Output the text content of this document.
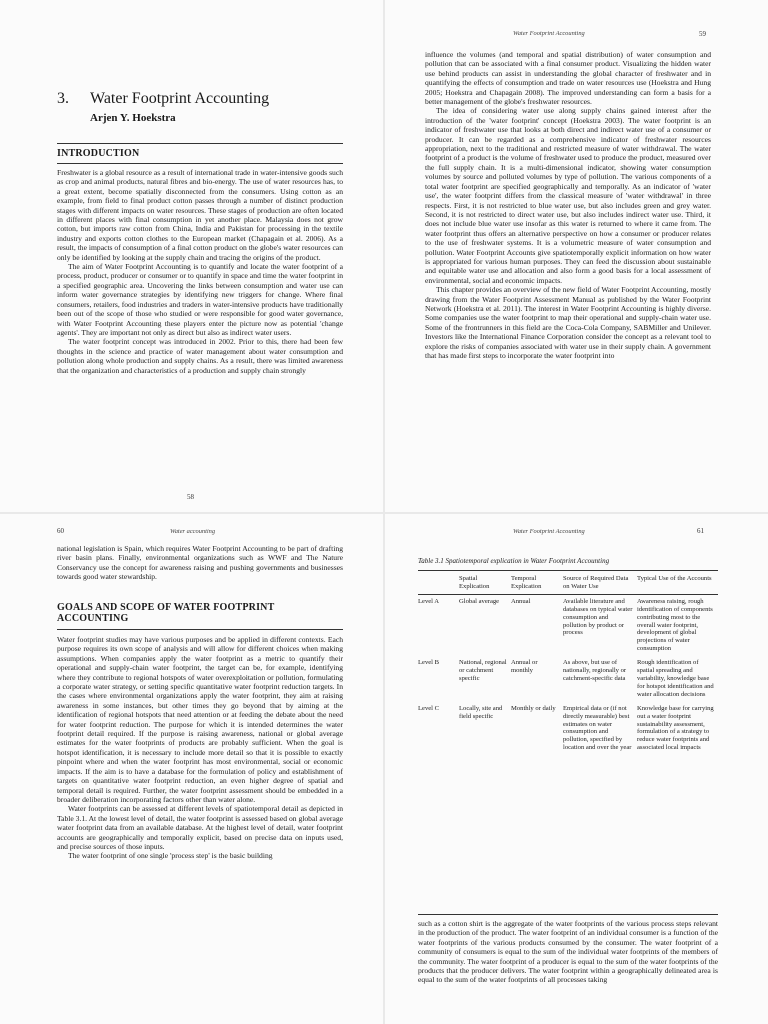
3. Water Footprint Accounting
Arjen Y. Hoekstra
INTRODUCTION

Freshwater is a global resource as a result of international trade in water-intensive goods such as crop and animal products, natural fibres and bio-energy. The use of water resources has, to a great extent, become spatially disconnected from the consumers. Using cotton as an example, from field to final product cotton passes through a number of distinct production stages with different impacts on water resources. These stages of production are often located in different places with final consumption in yet another place. Malaysia does not grow cotton, but imports raw cotton from China, India and Pakistan for processing in the textile industry and exports cotton clothes to the European market (Chapagain et al. 2006). As a result, the impacts of consumption of a final cotton product on the globe's water resources can only be identified by looking at the supply chain and tracing the origins of the product.

The aim of Water Footprint Accounting is to quantify and locate the water footprint of a process, product, producer or consumer or to quantify in space and time the water footprint in a specified geographic area. Uncovering the links between consumption and water use can inform water governance strategies by identifying new triggers for change. Where final consumers, retailers, food industries and traders in water-intensive products have traditionally been out of the scope of those who studied or were responsible for good water governance, with Water Footprint Accounting these players enter the picture now as potential 'change agents'. They are important not only as direct but also as indirect water users.

The water footprint concept was introduced in 2002. Prior to this, there had been few thoughts in the science and practice of water management about water consumption and pollution along whole production and supply chains. As a result, there was limited awareness that the organization and characteristics of a production and supply chain strongly

58
Water Footprint Accounting	59

influence the volumes (and temporal and spatial distribution) of water consumption and pollution that can be associated with a final consumer product. Visualizing the hidden water use behind products can assist in understanding the global character of freshwater and in quantifying the effects of consumption and trade on water resources use (Hoekstra and Hung 2005; Hoekstra and Chapagain 2008). The improved understanding can form a basis for a better management of the globe's freshwater resources.

The idea of considering water use along supply chains gained interest after the introduction of the 'water footprint' concept (Hoekstra 2003). The water footprint is an indicator of freshwater use that looks at both direct and indirect water use of a consumer or producer. It can be regarded as a comprehensive indicator of freshwater resources appropriation, next to the traditional and restricted measure of water withdrawal. The water footprint of a product is the volume of freshwater used to produce the product, measured over the full supply chain. It is a multi-dimensional indicator, showing water consumption volumes by source and polluted volumes by type of pollution. The various components of a total water footprint are specified geographically and temporally. As an indicator of 'water use', the water footprint differs from the classical measure of 'water withdrawal' in three respects. First, it is not restricted to blue water use, but also includes green and grey water. Second, it is not restricted to direct water use, but also includes indirect water use. Third, it does not include blue water use insofar as this water is returned to where it came from. The water footprint thus offers an alternative perspective on how a consumer or producer relates to the use of freshwater systems. It is a volumetric measure of water consumption and pollution. Water Footprint Accounts give spatiotemporally explicit information on how water is appropriated for various human purposes. They can feed the discussion about sustainable and equitable water use and allocation and also form a good basis for a local assessment of environmental, social and economic impacts.

This chapter provides an overview of the new field of Water Footprint Accounting, mostly drawing from the Water Footprint Assessment Manual as published by the Water Footprint Network (Hoekstra et al. 2011). The interest in Water Footprint Accounting is highly diverse. Some companies use the water footprint to map their operational and supply-chain water use. Some of the frontrunners in this field are the Coca-Cola Company, SABMiller and Unilever. Investors like the International Finance Corporation consider the concept as a relevant tool to explore the risks of companies associated with water use in their supply chain. A government that has made first steps to incorporate the water footprint into

60	Water accounting

national legislation is Spain, which requires Water Footprint Accounting to be part of drafting river basin plans. Finally, environmental organizations such as WWF and The Nature Conservancy use the concept for awareness raising and pushing governments and businesses towards good water stewardship.

GOALS AND SCOPE OF WATER FOOTPRINT ACCOUNTING

Water footprint studies may have various purposes and be applied in different contexts. Each purpose requires its own scope of analysis and will allow for different choices when making assumptions. When companies apply the water footprint as a metric to quantify their operational and supply-chain water footprint, the target can be, for example, identifying where they contribute to regional hotspots of water overexploitation or pollution, formulating a corporate water strategy, or setting specific quantitative water footprint reduction targets. In the cases where environmental organizations apply the water footprint, they aim at raising awareness in some instances, but other times they go beyond that by aiming at the identification of regional hotspots that need attention or at feeding the debate about the need for water footprint reduction. The purpose for which it is intended determines the water footprint detail required. If the purpose is raising awareness, national or global average estimates for the water footprints of products are probably sufficient. When the goal is hotspot identification, it is necessary to include more detail so that it is possible to exactly pinpoint where and when the water footprint has most environmental, social or economic impacts. If the aim is to have a database for the formulation of policy and establishment of targets on quantitative water footprint reduction, an even higher degree of spatial and temporal detail is required. Further, the water footprint assessment should be embedded in a broader deliberation incorporating factors other than water alone.

Water footprints can be assessed at different levels of spatiotemporal detail as depicted in Table 3.1. At the lowest level of detail, the water footprint is assessed based on global average water footprint data from an available database. At the highest level of detail, water footprint accounts are geographically and temporally explicit, based on precise data on inputs used, and precise sources of those inputs.

The water footprint of one single 'process step' is the basic building

Water Footprint Accounting	61
Table 3.1 Spatiotemporal explication in Water Footprint Accounting
	Spatial Explication	Temporal Explication	Source of Required Data on Water Use	Typical Use of the Accounts
Level A	Global average	Annual	Available literature and databases on typical water consumption and pollution by product or process	Awareness raising, rough identification of components contributing most to the overall water footprint, development of global projections of water consumption
Level B	National, regional or catchment specific	Annual or monthly	As above, but use of nationally, regionally or catchment-specific data	Rough identification of spatial spreading and variability, knowledge base for hotspot identification and water allocation decisions
Level C	Locally, site and field specific	Monthly or daily	Empirical data or (if not directly measurable) best estimates on water consumption and pollution, specified by location and over the year	Knowledge base for carrying out a water footprint sustainability assessment, formulation of a strategy to reduce water footprints and associated local impacts

such as a cotton shirt is the aggregate of the water footprints of the various process steps relevant in the production of the product. The water footprint of an individual consumer is a function of the water footprints of the various products consumed by the consumer. The water footprint of a community of consumers is equal to the sum of the individual water footprints of the members of the community. The water footprint of a producer is equal to the sum of the water footprints of the products that the producer delivers. The water footprint within a geographically delineated area is equal to the sum of the water footprints of all processes taking
